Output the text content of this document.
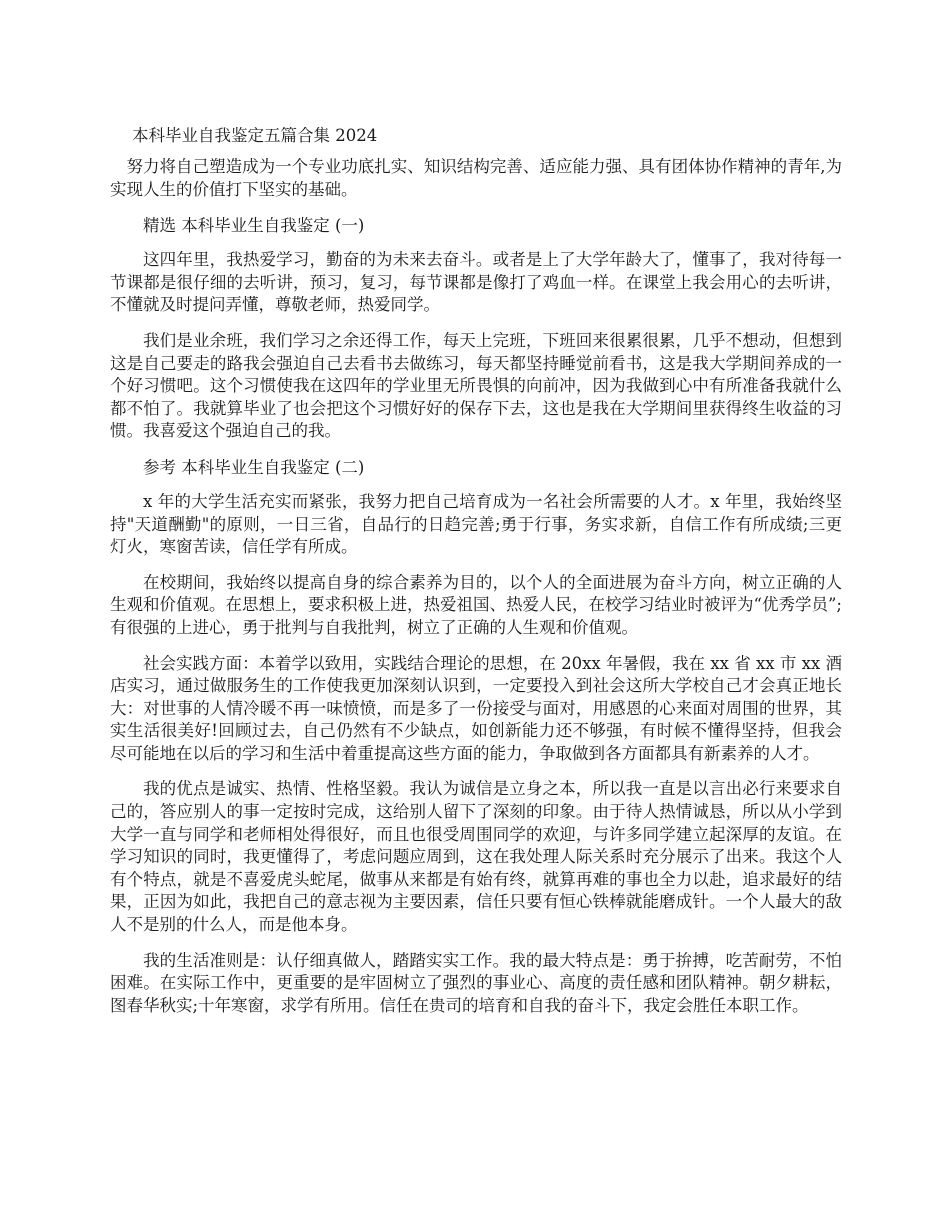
本科毕业自我鉴定五篇合集 2024

努力将自己塑造成为一个专业功底扎实、知识结构完善、适应能力强、具有团体协作精神的青年,为实现人生的价值打下坚实的基础。

精选 本科毕业生自我鉴定 (一)

这四年里，我热爱学习，勤奋的为未来去奋斗。或者是上了大学年龄大了，懂事了，我对待每一节课都是很仔细的去听讲，预习，复习，每节课都是像打了鸡血一样。在课堂上我会用心的去听讲，不懂就及时提问弄懂，尊敬老师，热爱同学。

我们是业余班，我们学习之余还得工作，每天上完班，下班回来很累很累，几乎不想动，但想到这是自己要走的路我会强迫自己去看书去做练习，每天都坚持睡觉前看书，这是我大学期间养成的一个好习惯吧。这个习惯使我在这四年的学业里无所畏惧的向前冲，因为我做到心中有所准备我就什么都不怕了。我就算毕业了也会把这个习惯好好的保存下去，这也是我在大学期间里获得终生收益的习惯。我喜爱这个强迫自己的我。

参考 本科毕业生自我鉴定 (二)

x 年的大学生活充实而紧张，我努力把自己培育成为一名社会所需要的人才。x 年里，我始终坚持"天道酬勤"的原则，一日三省，自品行的日趋完善;勇于行事，务实求新，自信工作有所成绩;三更灯火，寒窗苦读，信任学有所成。

在校期间，我始终以提高自身的综合素养为目的，以个人的全面进展为奋斗方向，树立正确的人生观和价值观。在思想上，要求积极上进，热爱祖国、热爱人民，在校学习结业时被评为“优秀学员”;有很强的上进心，勇于批判与自我批判，树立了正确的人生观和价值观。

社会实践方面：本着学以致用，实践结合理论的思想，在 20xx 年暑假，我在 xx 省 xx 市 xx 酒店实习，通过做服务生的工作使我更加深刻认识到，一定要投入到社会这所大学校自己才会真正地长大：对世事的人情冷暖不再一味愤愤，而是多了一份接受与面对，用感恩的心来面对周围的世界，其实生活很美好!回顾过去，自己仍然有不少缺点，如创新能力还不够强，有时候不懂得坚持，但我会尽可能地在以后的学习和生活中着重提高这些方面的能力，争取做到各方面都具有新素养的人才。

我的优点是诚实、热情、性格坚毅。我认为诚信是立身之本，所以我一直是以言出必行来要求自己的，答应别人的事一定按时完成，这给别人留下了深刻的印象。由于待人热情诚恳，所以从小学到大学一直与同学和老师相处得很好，而且也很受周围同学的欢迎，与许多同学建立起深厚的友谊。在学习知识的同时，我更懂得了，考虑问题应周到，这在我处理人际关系时充分展示了出来。我这个人有个特点，就是不喜爱虎头蛇尾，做事从来都是有始有终，就算再难的事也全力以赴，追求最好的结果，正因为如此，我把自己的意志视为主要因素，信任只要有恒心铁棒就能磨成针。一个人最大的敌人不是别的什么人，而是他本身。

我的生活准则是：认仔细真做人，踏踏实实工作。我的最大特点是：勇于拚搏，吃苦耐劳，不怕困难。在实际工作中，更重要的是牢固树立了强烈的事业心、高度的责任感和团队精神。朝夕耕耘，图春华秋实;十年寒窗，求学有所用。信任在贵司的培育和自我的奋斗下，我定会胜任本职工作。
